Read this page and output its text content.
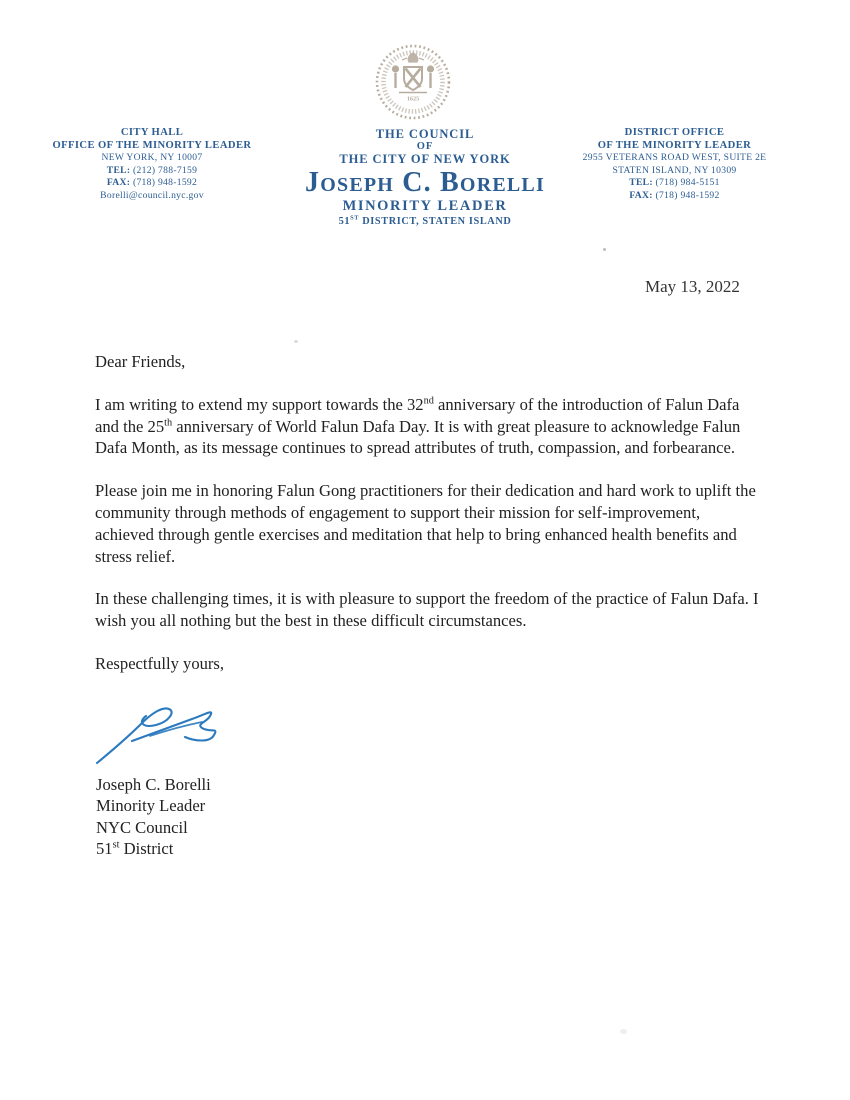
1625
CITY HALL
OFFICE OF THE MINORITY LEADER
NEW YORK, NY 10007
TEL: (212) 788-7159
FAX: (718) 948-1592
Borelli@council.nyc.gov
THE COUNCIL
OF
THE CITY OF NEW YORK
Joseph C. Borelli
MINORITY LEADER
51ST DISTRICT, STATEN ISLAND
DISTRICT OFFICE
OF THE MINORITY LEADER
2955 VETERANS ROAD WEST, SUITE 2E
STATEN ISLAND, NY 10309
TEL: (718) 984-5151
FAX: (718) 948-1592
May 13, 2022

Dear Friends,

I am writing to extend my support towards the 32nd anniversary of the introduction of Falun Dafa and the 25th anniversary of World Falun Dafa Day. It is with great pleasure to acknowledge Falun Dafa Month, as its message continues to spread attributes of truth, compassion, and forbearance.

Please join me in honoring Falun Gong practitioners for their dedication and hard work to uplift the community through methods of engagement to support their mission for self-improvement, achieved through gentle exercises and meditation that help to bring enhanced health benefits and stress relief.

In these challenging times, it is with pleasure to support the freedom of the practice of Falun Dafa. I wish you all nothing but the best in these difficult circumstances.

Respectfully yours,

Joseph C. Borelli
Minority Leader
NYC Council
51st District
